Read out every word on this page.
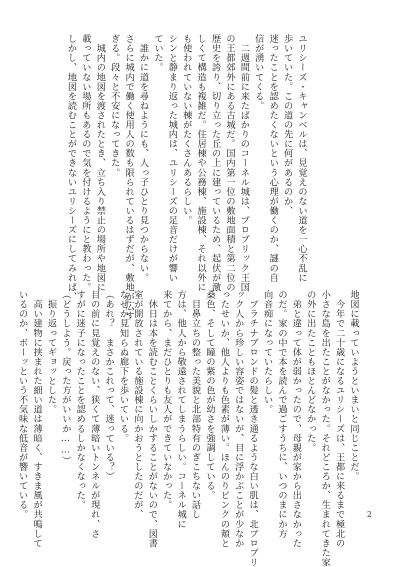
ユリシーズ・キャンベルは、見覚えのない道を一心不乱に

歩いていた。この道の先に何があるのか、

迷ったことを認めたくないという心理が働くのか、謎の自

信が湧いてくる。

　二週間前に来たばかりのコーネル城は、プロブリック王国

の王都郊外にある古城だ。国内第一位の敷地面積と第二位の

歴史を誇り、切り立った丘の上に建っているため、起伏が激

しくて構造も複雑だ。住居棟や公務棟、施設棟、それ以外に

も使われていない棟がたくさんあるらしい。

シンと静まり返った城内は、ユリシーズの足音だけが響い

ていた。

　誰かに道を尋ねようにも、人っ子ひとり見つからない。

さらに城内で働く使用人の数も限られているはずだが、敷地が広す

ぎる。段々と不安になってきた。

　城内の地図を渡されたとき、立ち入り禁止の場所や地図に

載っていない場所もあるので気を付けるようにと教わった。

しかし、地図を読むことができないユリシーズにしてみれば、

地図に載っていようといまいと同じことだ。

　今年で二十歳になるユリシーズは、王都に来るまで極北の

小さな島を出たことがなかった。それどころか、生まれてきた家

の外に出たこともほとんどなかった。

　弟と違って体が弱かったので、母親が家から出さなかった

のだ。家の中で本を読んで過ごすうちに、いつのまにか方

向音痴になっていたらしい。

　プラチナブロンドの髪と透き通るような白い肌は、北プロブリ

ック人から珍しい容姿ではないが、目に浮かぶことが少なか

ったせいか、他人よりも色素が薄い。ほんのりピンクの頬と

桑色、そして瞳の紫の色が幼さを強調している。

　目鼻立ちの整った美貌と北部特有のぎこちない話し

方は、他人から敬遠されてしまうらしい。コーネル城に

来てから、まだひとりも友人ができていなかった。

　休日は本を読むことくらいしかすることがないので、図書

室が開放されている施設棟に向かおうとしたのだが、

なぜか見知らぬ廊下を歩いている。

（あれ？　まさかこれって、迷っている？）

目の前に見覚えのない、狭くて薄暗いトンネルが現れ、さ

すがに迷子になったことを認めるしかなくなった。

（どうしよう。戻った方がいいか……）

　振り返ってギョッとした。

　高い建物に挟まれた細い道は薄暗く、すきま風が共鳴して

いるのか、ボーッという不気味な低音が響いている。	2
